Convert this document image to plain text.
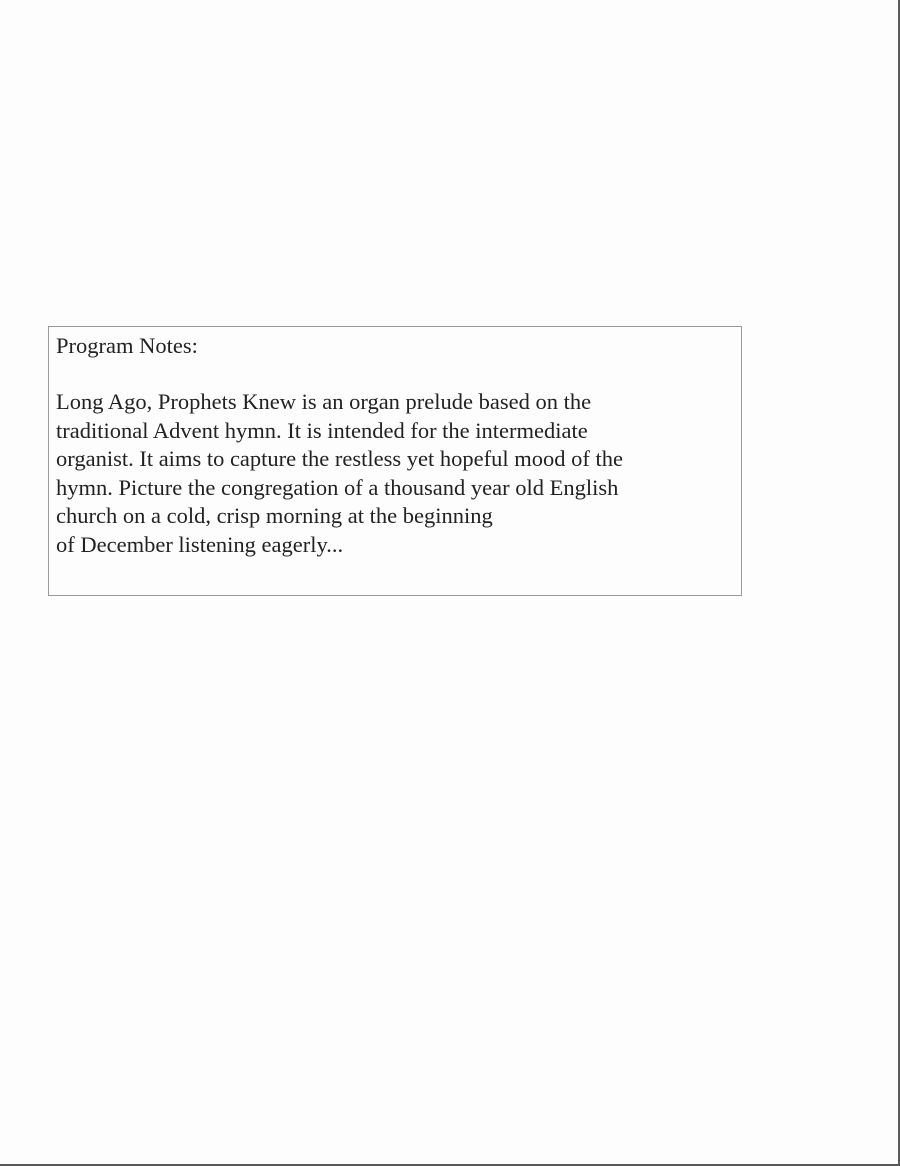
Program Notes:

Long Ago, Prophets Knew is an organ prelude based on the

traditional Advent hymn. It is intended for the intermediate

organist. It aims to capture the restless yet hopeful mood of the

hymn. Picture the congregation of a thousand year old English

church on a cold, crisp morning at the beginning

of December listening eagerly...
